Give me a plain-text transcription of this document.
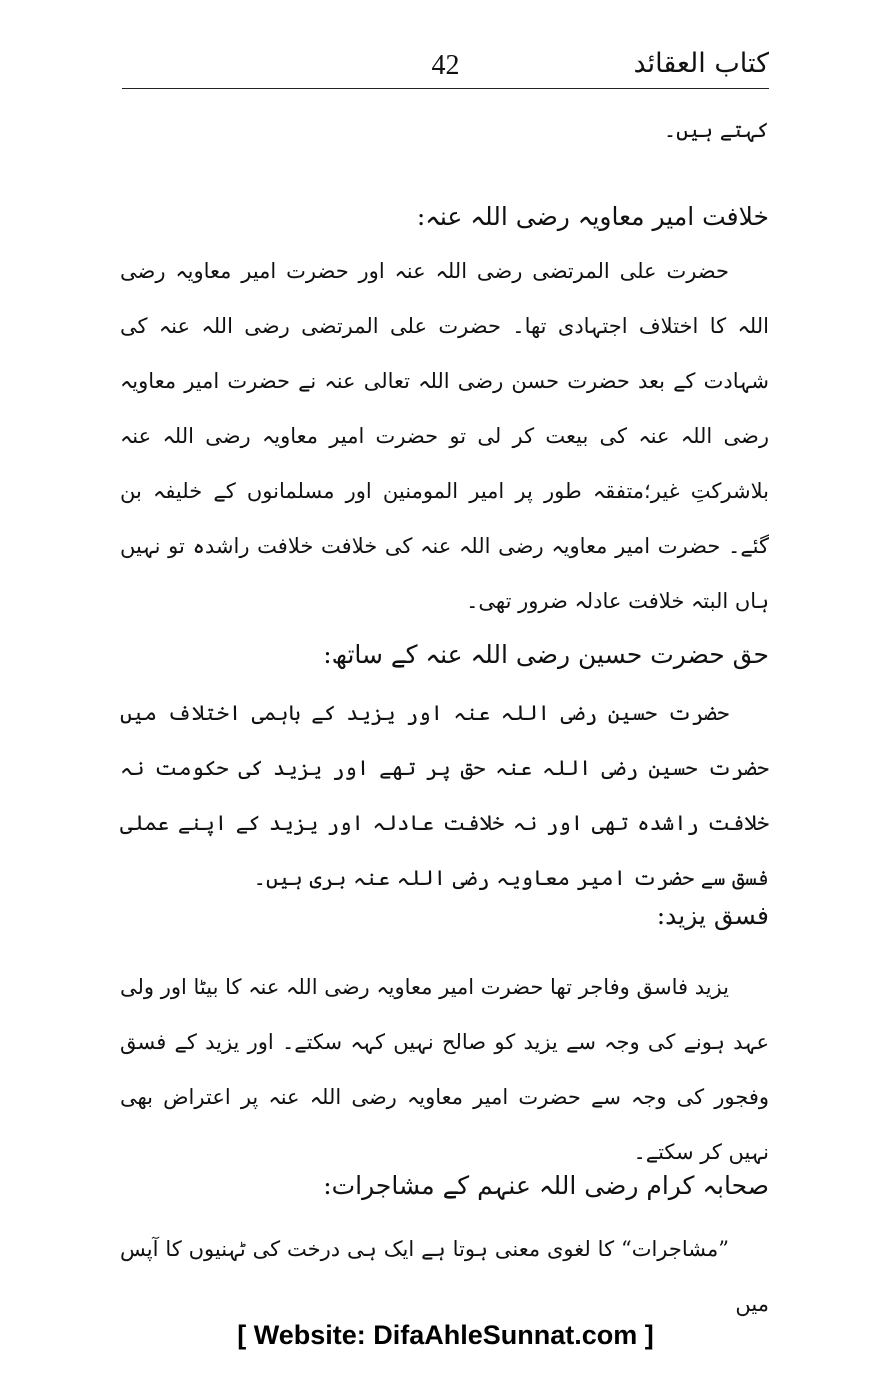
کتاب العقائد
42
کہتے ہیں۔
خلافت امیر معاویہ رضی اللہ عنہ:
حضرت علی المرتضی رضی اللہ عنہ اور حضرت امیر معاویہ رضی اللہ کا اختلاف اجتہادی تھا۔ حضرت علی المرتضی رضی اللہ عنہ کی شہادت کے بعد حضرت حسن رضی اللہ تعالی عنہ نے حضرت امیر معاویہ رضی اللہ عنہ کی بیعت کر لی تو حضرت امیر معاویہ رضی اللہ عنہ بلاشرکتِ غیر؛متفقہ طور پر امیر المومنین اور مسلمانوں کے خلیفہ بن گئے۔ حضرت امیر معاویہ رضی اللہ عنہ کی خلافت خلافت راشدہ تو نہیں ہاں البتہ خلافت عادلہ ضرور تھی۔
حق حضرت حسین رضی اللہ عنہ کے ساتھ:
حضرت حسین رضی اللہ عنہ اور یزید کے باہمی اختلاف میں حضرت حسین رضی اللہ عنہ حق پر تھے اور یزید کی حکومت نہ خلافت راشدہ تھی اور نہ خلافت عادلہ اور یزید کے اپنے عملی فسق سے حضرت امیر معاویہ رضی اللہ عنہ بری ہیں۔
فسق یزید:
یزید فاسق وفاجر تھا حضرت امیر معاویہ رضی اللہ عنہ کا بیٹا اور ولی عہد ہونے کی وجہ سے یزید کو صالح نہیں کہہ سکتے۔ اور یزید کے فسق وفجور کی وجہ سے حضرت امیر معاویہ رضی اللہ عنہ پر اعتراض بھی نہیں کر سکتے۔
صحابہ کرام رضی اللہ عنہم کے مشاجرات:
”مشاجرات“ کا لغوی معنی ہوتا ہے ایک ہی درخت کی ٹہنیوں کا آپس میں
[ Website: DifaAhleSunnat.com ]
